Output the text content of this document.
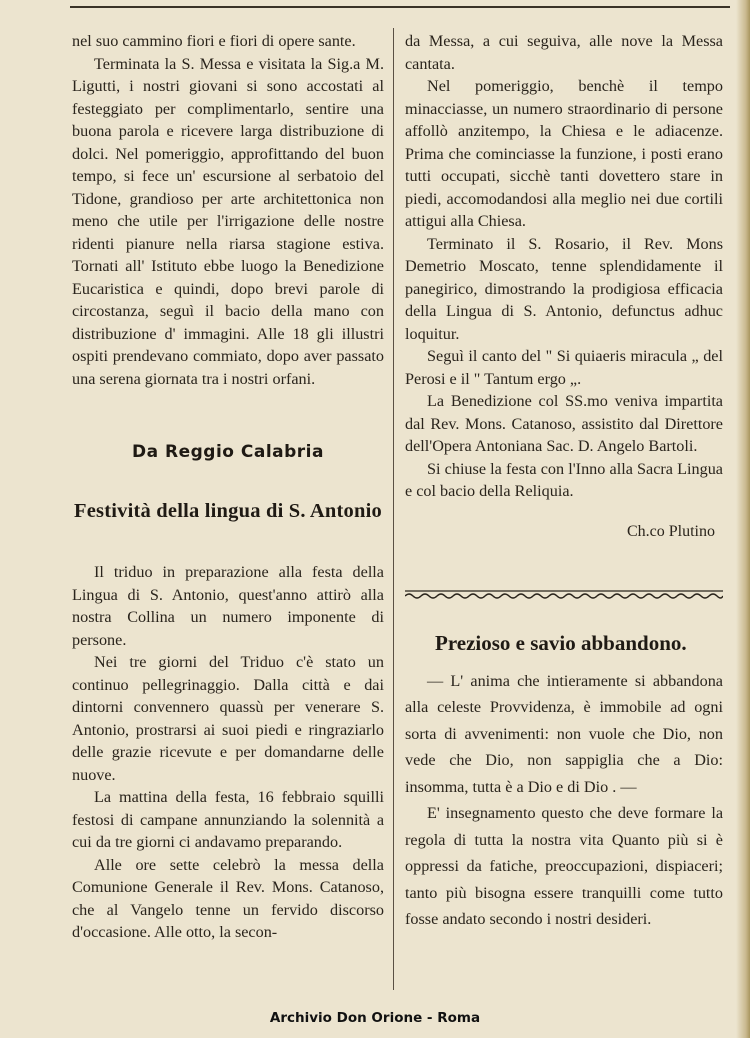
nel suo cammino fiori e fiori di opere sante.

Terminata la S. Messa e visitata la Sig.a M. Ligutti, i nostri giovani si sono accostati al festeggiato per complimentarlo, sentire una buona parola e ricevere larga distribuzione di dolci. Nel pomeriggio, approfittando del buon tempo, si fece un' escursione al serbatoio del Tidone, grandioso per arte architettonica non meno che utile per l'irrigazione delle nostre ridenti pianure nella riarsa stagione estiva. Tornati all' Istituto ebbe luogo la Benedizione Eucaristica e quindi, dopo brevi parole di circostanza, seguì il bacio della mano con distribuzione d' immagini. Alle 18 gli illustri ospiti prendevano commiato, dopo aver passato una serena giornata tra i nostri orfani.

Da Reggio Calabria
Festività della lingua di S. Antonio

Il triduo in preparazione alla festa della Lingua di S. Antonio, quest'anno attirò alla nostra Collina un numero imponente di persone.

Nei tre giorni del Triduo c'è stato un continuo pellegrinaggio. Dalla città e dai dintorni convennero quassù per venerare S. Antonio, prostrarsi ai suoi piedi e ringraziarlo delle grazie ricevute e per domandarne delle nuove.

La mattina della festa, 16 febbraio squilli festosi di campane annunziando la solennità a cui da tre giorni ci andavamo preparando.

Alle ore sette celebrò la messa della Comunione Generale il Rev. Mons. Catanoso, che al Vangelo tenne un fervido discorso d'occasione. Alle otto, la secon-

da Messa, a cui seguiva, alle nove la Messa cantata.

Nel pomeriggio, benchè il tempo minacciasse, un numero straordinario di persone affollò anzitempo, la Chiesa e le adiacenze. Prima che cominciasse la funzione, i posti erano tutti occupati, sicchè tanti dovettero stare in piedi, accomodandosi alla meglio nei due cortili attigui alla Chiesa.

Terminato il S. Rosario, il Rev. Mons Demetrio Moscato, tenne splendidamente il panegirico, dimostrando la prodigiosa efficacia della Lingua di S. Antonio, defunctus adhuc loquitur.

Seguì il canto del " Si quiaeris miracula „ del Perosi e il " Tantum ergo „.

La Benedizione col SS.mo veniva impartita dal Rev. Mons. Catanoso, assistito dal Direttore dell'Opera Antoniana Sac. D. Angelo Bartoli.

Si chiuse la festa con l'Inno alla Sacra Lingua e col bacio della Reliquia.

Ch.co Plutino
Prezioso e savio abbandono.

— L' anima che intieramente si abbandona alla celeste Provvidenza, è immobile ad ogni sorta di avvenimenti: non vuole che Dio, non vede che Dio, non sappiglia che a Dio: insomma, tutta è a Dio e di Dio . —

E' insegnamento questo che deve formare la regola di tutta la nostra vita Quanto più si è oppressi da fatiche, preoccupazioni, dispiaceri; tanto più bisogna essere tranquilli come tutto fosse andato secondo i nostri desideri.

Archivio Don Orione - Roma
